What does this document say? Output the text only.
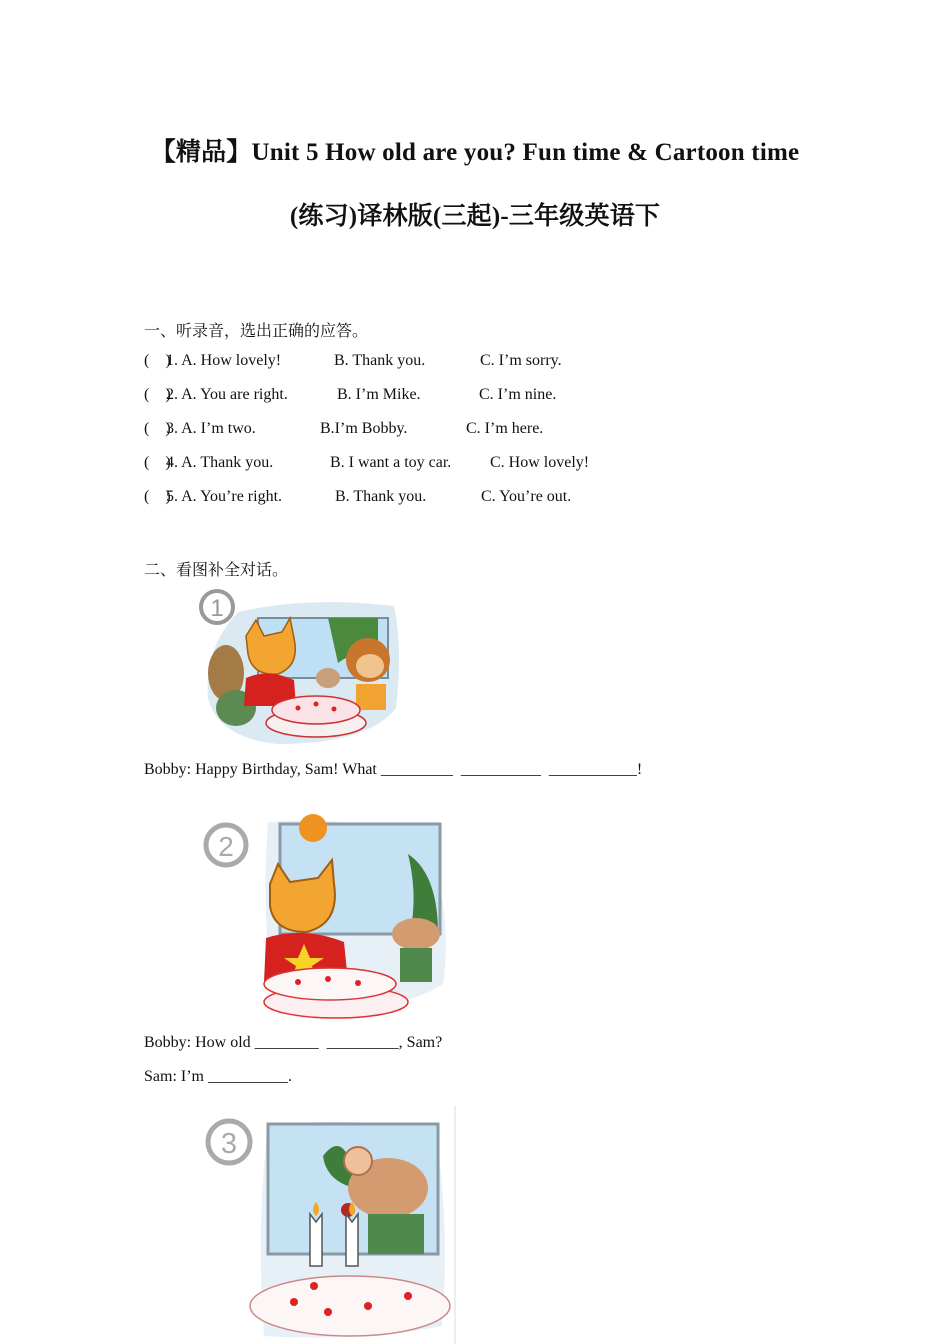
【精品】Unit 5 How old are you? Fun time & Cartoon time
(练习)译林版(三起)-三年级英语下
一、听录音，选出正确的应答。
(    )
1. A. How lovely!	B. Thank you.	C. I’m sorry.
(    )
2. A. You are right.	B. I’m Mike.	C. I’m nine.
(    )
3. A. I’m two.	B.I’m Bobby.	C. I’m here.
(    )
4. A. Thank you.	B. I want a toy car. C. How lovely!
(    )
5. A. You’re right.	B. Thank you.	C. You’re out.
二、看图补全对话。
1
Bobby: Happy Birthday, Sam! What _________  __________  ___________!
2
Bobby: How old ________  _________, Sam?
Sam: I’m __________.
3
